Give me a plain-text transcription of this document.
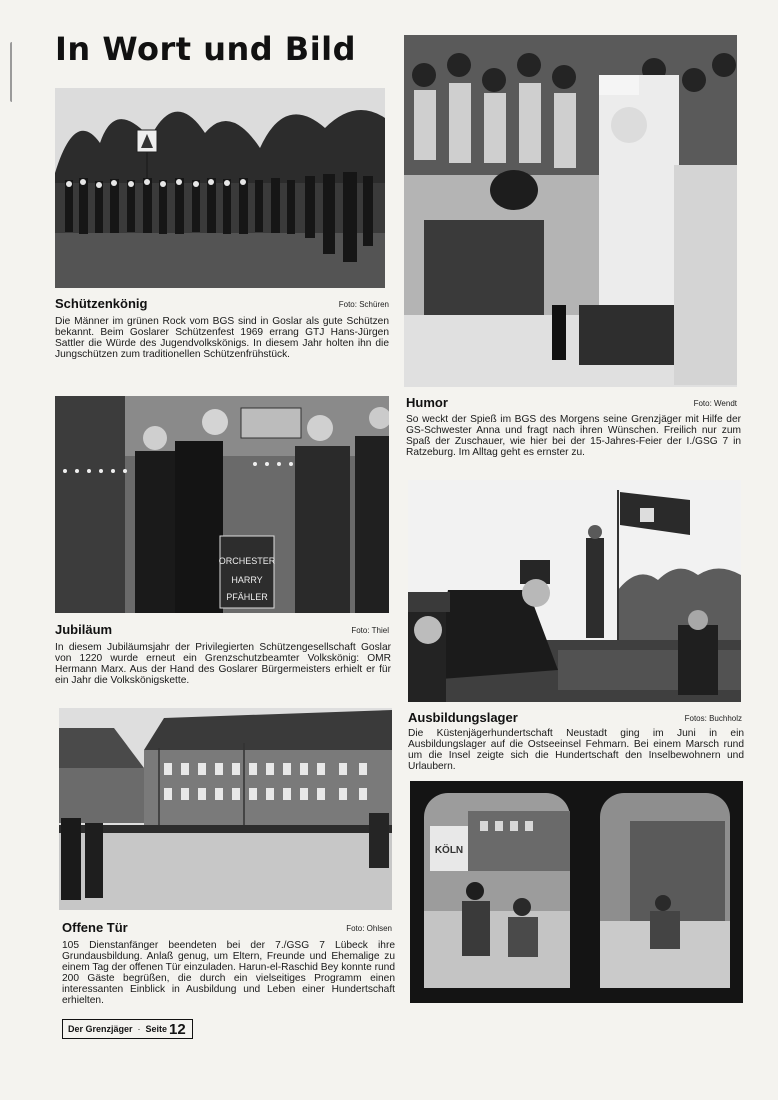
In Wort und Bild
Schützenkönig	Foto: Schüren

Die Männer im grünen Rock vom BGS sind in Goslar als gute Schützen bekannt. Beim Goslarer Schützenfest 1969 errang GTJ Hans-Jürgen Sattler die Würde des Jugendvolkskönigs. In diesem Jahr holten ihn die Jungschützen zum traditionellen Schützenfrühstück.

ORCHESTER
HARRY
PFÄHLER
Jubiläum	Foto: Thiel

In diesem Jubiläumsjahr der Privilegierten Schützengesellschaft Goslar von 1220 wurde erneut ein Grenzschutzbeamter Volkskönig: OMR Hermann Marx. Aus der Hand des Goslarer Bürgermeisters erhielt er für ein Jahr die Volkskönigskette.

Offene Tür	Foto: Ohlsen

105 Dienstanfänger beendeten bei der 7./GSG 7 Lübeck ihre Grundausbildung. Anlaß genug, um Eltern, Freunde und Ehemalige zu einem Tag der offenen Tür einzuladen. Harun-el-Raschid Bey konnte rund 200 Gäste begrüßen, die durch ein vielseitiges Programm einen interessanten Einblick in Ausbildung und Leben einer Hundertschaft erhielten.

Humor	Foto: Wendt

So weckt der Spieß im BGS des Morgens seine Grenzjäger mit Hilfe der GS-Schwester Anna und fragt nach ihren Wünschen. Freilich nur zum Spaß der Zuschauer, wie hier bei der 15-Jahres-Feier der I./GSG 7 in Ratzeburg. Im Alltag geht es ernster zu.

Ausbildungslager	Fotos: Buchholz

Die Küstenjägerhundertschaft Neustadt ging im Juni in ein Ausbildungslager auf die Ostseeinsel Fehmarn. Bei einem Marsch rund um die Insel zeigte sich die Hundertschaft den Inselbewohnern und Urlaubern.

KÖLN
Der Grenzjäger · Seite 12
